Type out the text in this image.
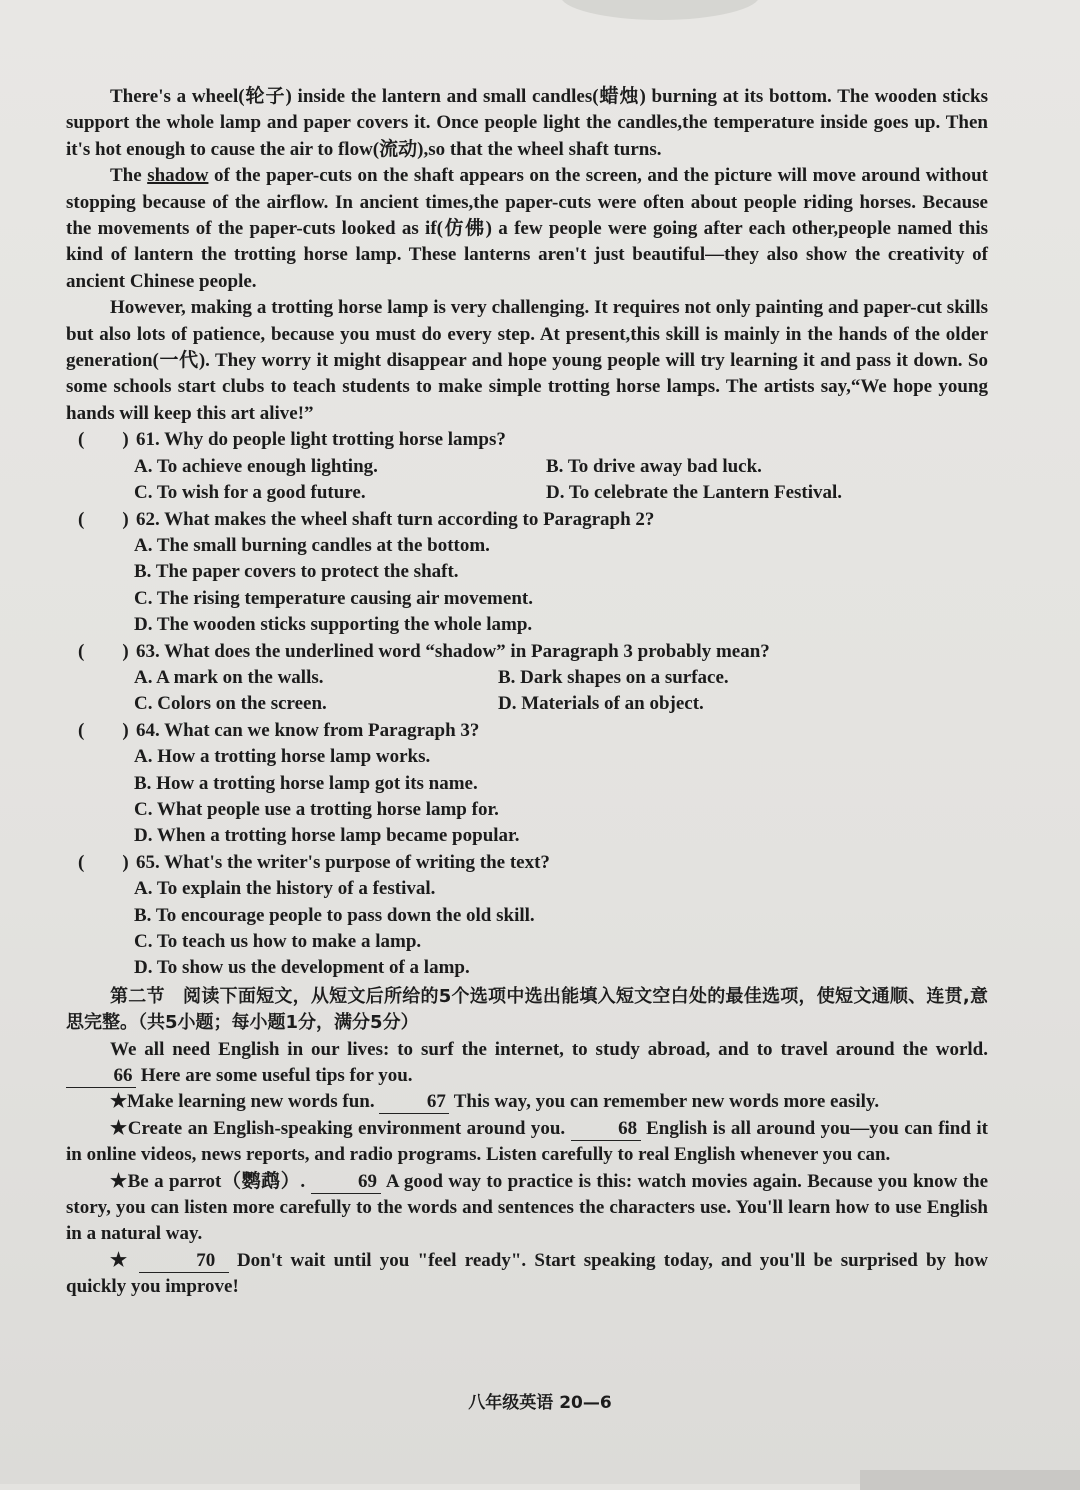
There's a wheel(轮子) inside the lantern and small candles(蜡烛) burning at its bottom. The wooden sticks support the whole lamp and paper covers it. Once people light the candles,the temperature inside goes up. Then it's hot enough to cause the air to flow(流动),so that the wheel shaft turns.

The shadow of the paper-cuts on the shaft appears on the screen, and the picture will move around without stopping because of the airflow. In ancient times,the paper-cuts were often about people riding horses. Because the movements of the paper-cuts looked as if(仿佛) a few people were going after each other,people named this kind of lantern the trotting horse lamp. These lanterns aren't just beautiful—they also show the creativity of ancient Chinese people.

However, making a trotting horse lamp is very challenging. It requires not only painting and paper-cut skills but also lots of patience, because you must do every step. At present,this skill is mainly in the hands of the older generation(一代). They worry it might disappear and hope young people will try learning it and pass it down. So some schools start clubs to teach students to make simple trotting horse lamps. The artists say,“We hope young hands will keep this art alive!”

(　　) 61. Why do people light trotting horse lamps?
A. To achieve enough lighting.	B. To drive away bad luck.
C. To wish for a good future.	D. To celebrate the Lantern Festival.
(　　) 62. What makes the wheel shaft turn according to Paragraph 2?
A. The small burning candles at the bottom.
B. The paper covers to protect the shaft.
C. The rising temperature causing air movement.
D. The wooden sticks supporting the whole lamp.
(　　) 63. What does the underlined word “shadow” in Paragraph 3 probably mean?
A. A mark on the walls.	B. Dark shapes on a surface.
C. Colors on the screen.	D. Materials of an object.
(　　) 64. What can we know from Paragraph 3?
A. How a trotting horse lamp works.
B. How a trotting horse lamp got its name.
C. What people use a trotting horse lamp for.
D. When a trotting horse lamp became popular.
(　　) 65. What's the writer's purpose of writing the text?
A. To explain the history of a festival.
B. To encourage people to pass down the old skill.
C. To teach us how to make a lamp.
D. To show us the development of a lamp.

第二节　阅读下面短文，从短文后所给的5个选项中选出能填入短文空白处的最佳选项，使短文通顺、连贯,意思完整。（共5小题；每小题1分，满分5分）

We all need English in our lives: to surf the internet, to study abroad, and to travel around the world. 66 Here are some useful tips for you.

★Make learning new words fun.	67 This way, you can remember new words more easily.

★Create an English-speaking environment around you.	68 English is all around you—you can find it in online videos, news reports, and radio programs. Listen carefully to real English whenever you can.

★Be a parrot（鹦鹉）.	69 A good way to practice is this: watch movies again. Because you know the story, you can listen more carefully to the words and sentences the characters use. You'll learn how to use English in a natural way.

★	70 Don't wait until you "feel ready". Start speaking today, and you'll be surprised by how quickly you improve!

八年级英语 20—6
